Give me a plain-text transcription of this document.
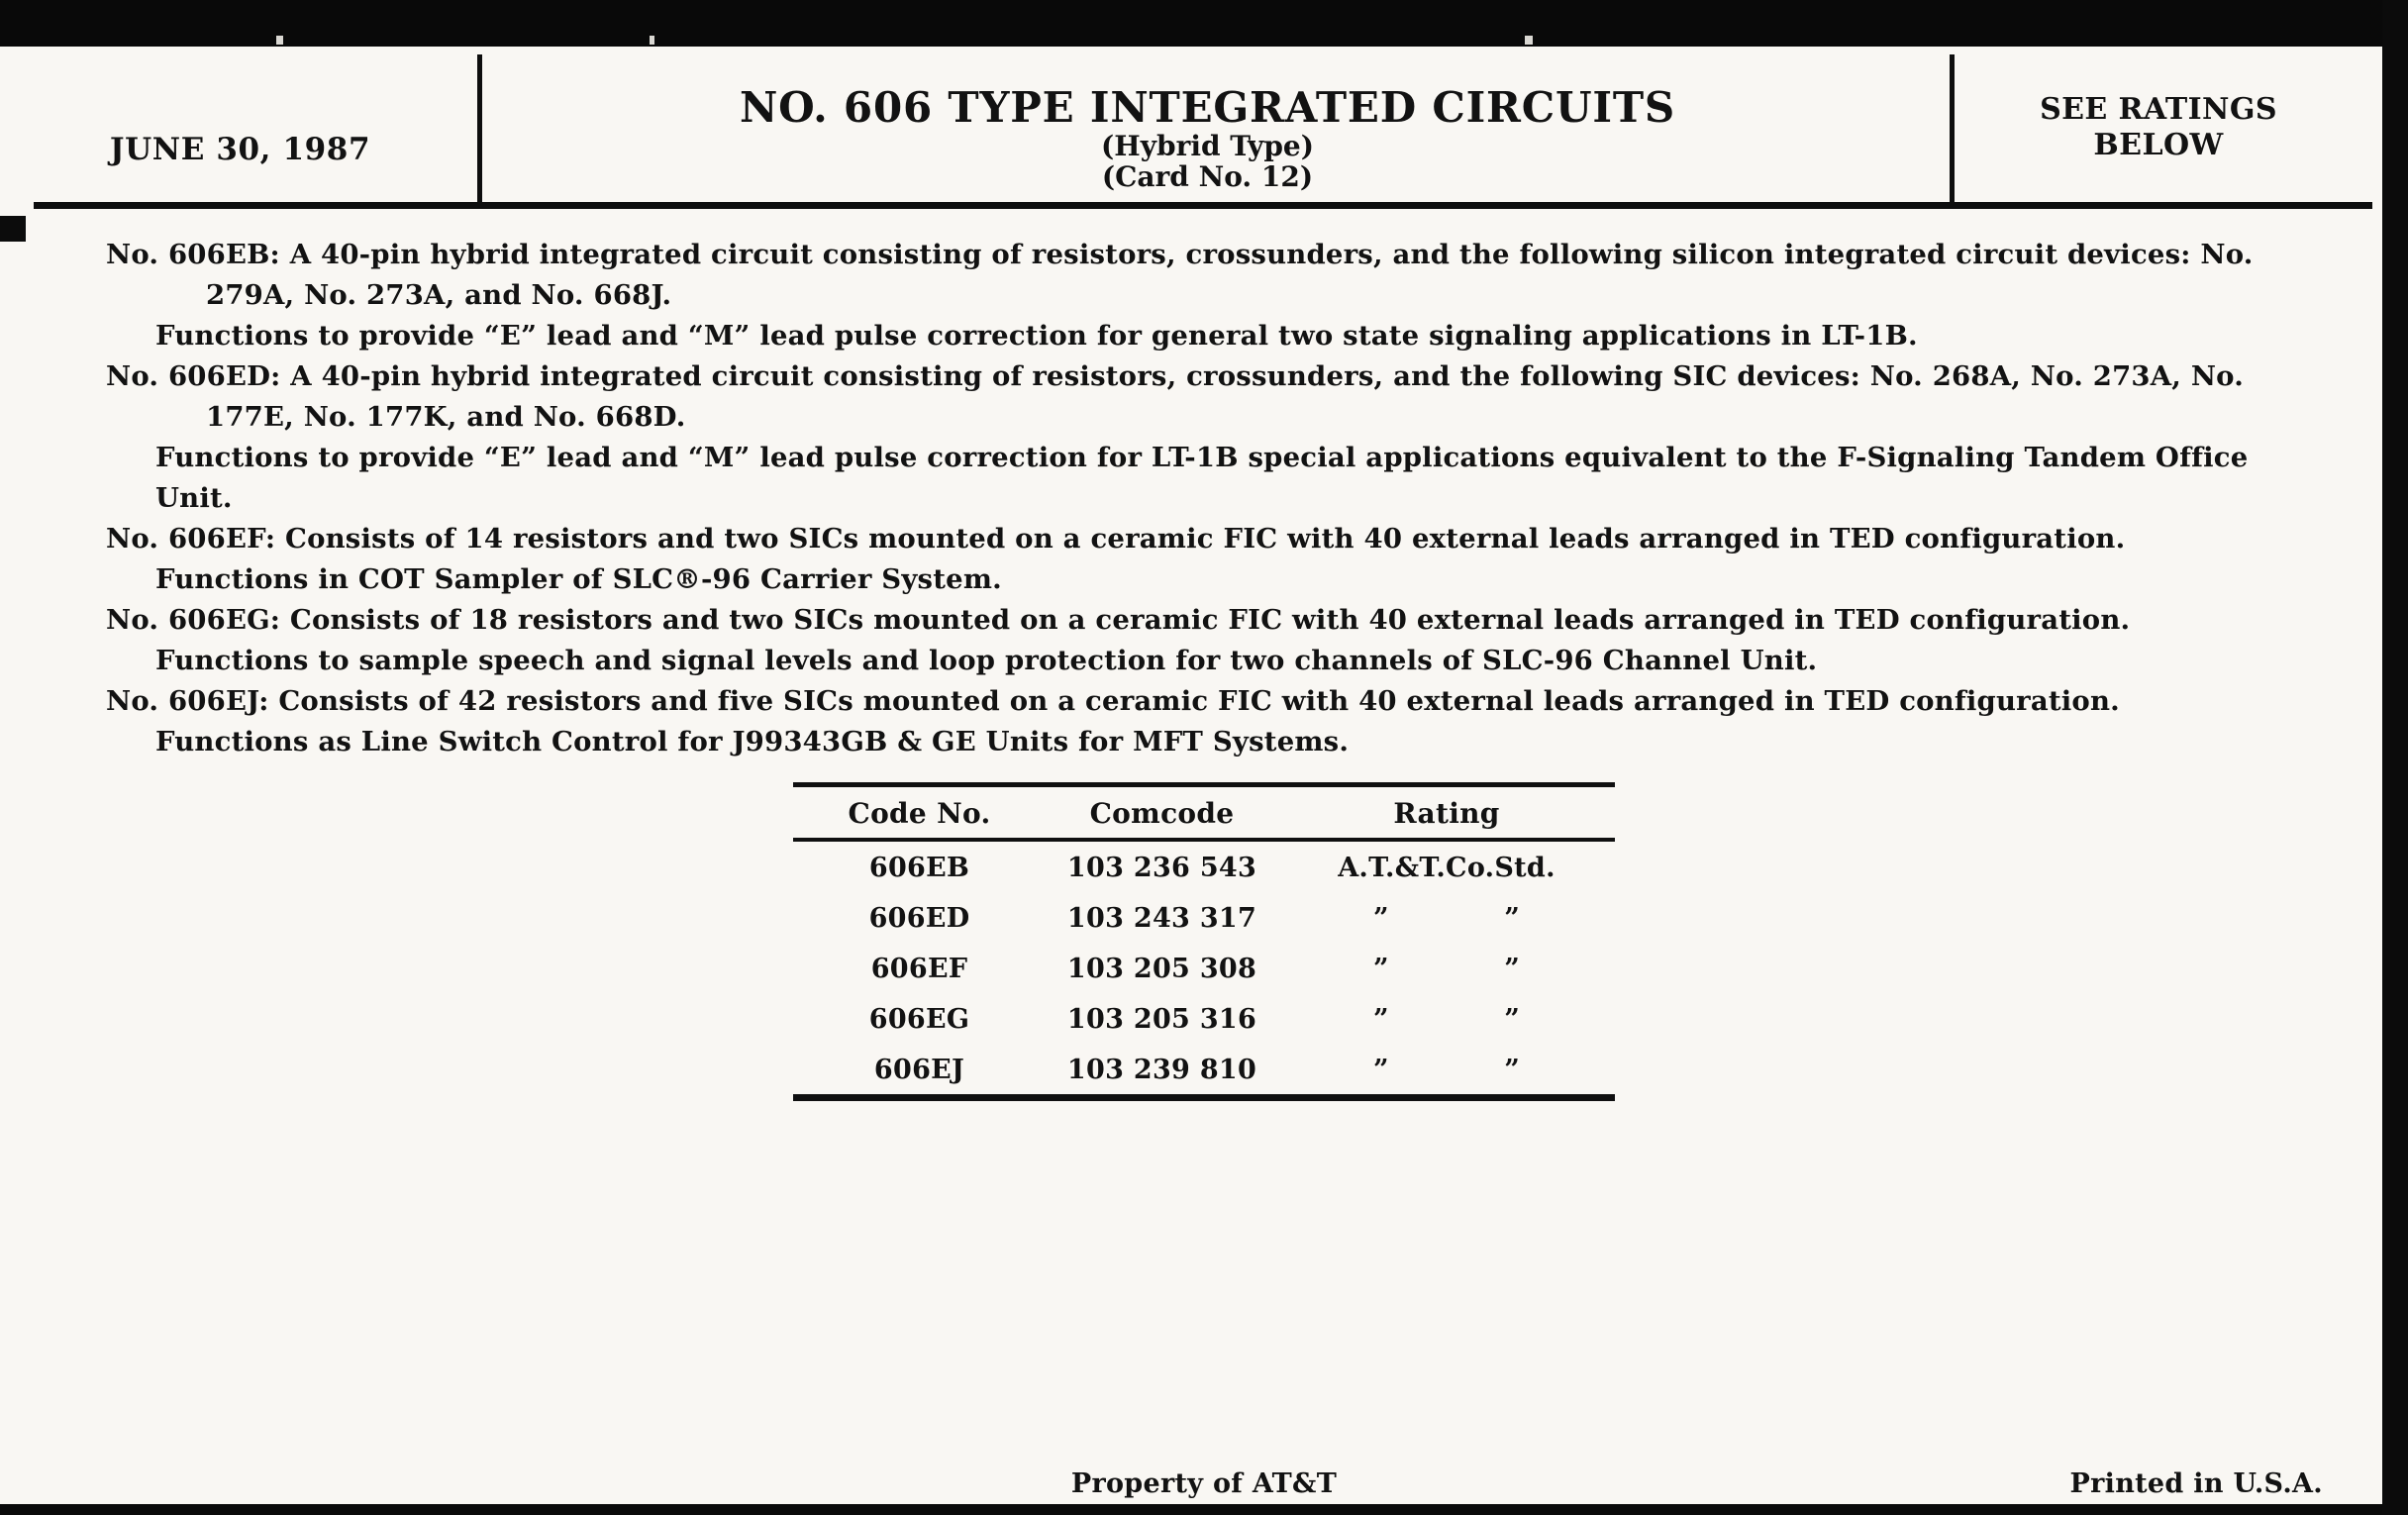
JUNE 30, 1987
NO. 606 TYPE INTEGRATED CIRCUITS
(Hybrid Type)
(Card No. 12)
SEE RATINGS
BELOW

No. 606EB: A 40-pin hybrid integrated circuit consisting of resistors, crossunders, and the following silicon integrated circuit devices: No. 279A, No. 273A, and No. 668J.

Functions to provide “E” lead and “M” lead pulse correction for general two state signaling applications in LT-1B.

No. 606ED: A 40-pin hybrid integrated circuit consisting of resistors, crossunders, and the following SIC devices: No. 268A, No. 273A, No. 177E, No. 177K, and No. 668D.

Functions to provide “E” lead and “M” lead pulse correction for LT-1B special applications equivalent to the F-Signaling Tandem Office Unit.

No. 606EF: Consists of 14 resistors and two SICs mounted on a ceramic FIC with 40 external leads arranged in TED configuration.

Functions in COT Sampler of SLC®-96 Carrier System.

No. 606EG: Consists of 18 resistors and two SICs mounted on a ceramic FIC with 40 external leads arranged in TED configuration.

Functions to sample speech and signal levels and loop protection for two channels of SLC-96 Channel Unit.

No. 606EJ: Consists of 42 resistors and five SICs mounted on a ceramic FIC with 40 external leads arranged in TED configuration.

Functions as Line Switch Control for J99343GB & GE Units for MFT Systems.

Code No.	Comcode	Rating
606EB	103 236 543	A.T.&T.Co.Std.
606ED	103 243 317	”            ”
606EF	103 205 308	”            ”
606EG	103 205 316	”            ”
606EJ	103 239 810	”            ”
Property of AT&T	Printed in U.S.A.
